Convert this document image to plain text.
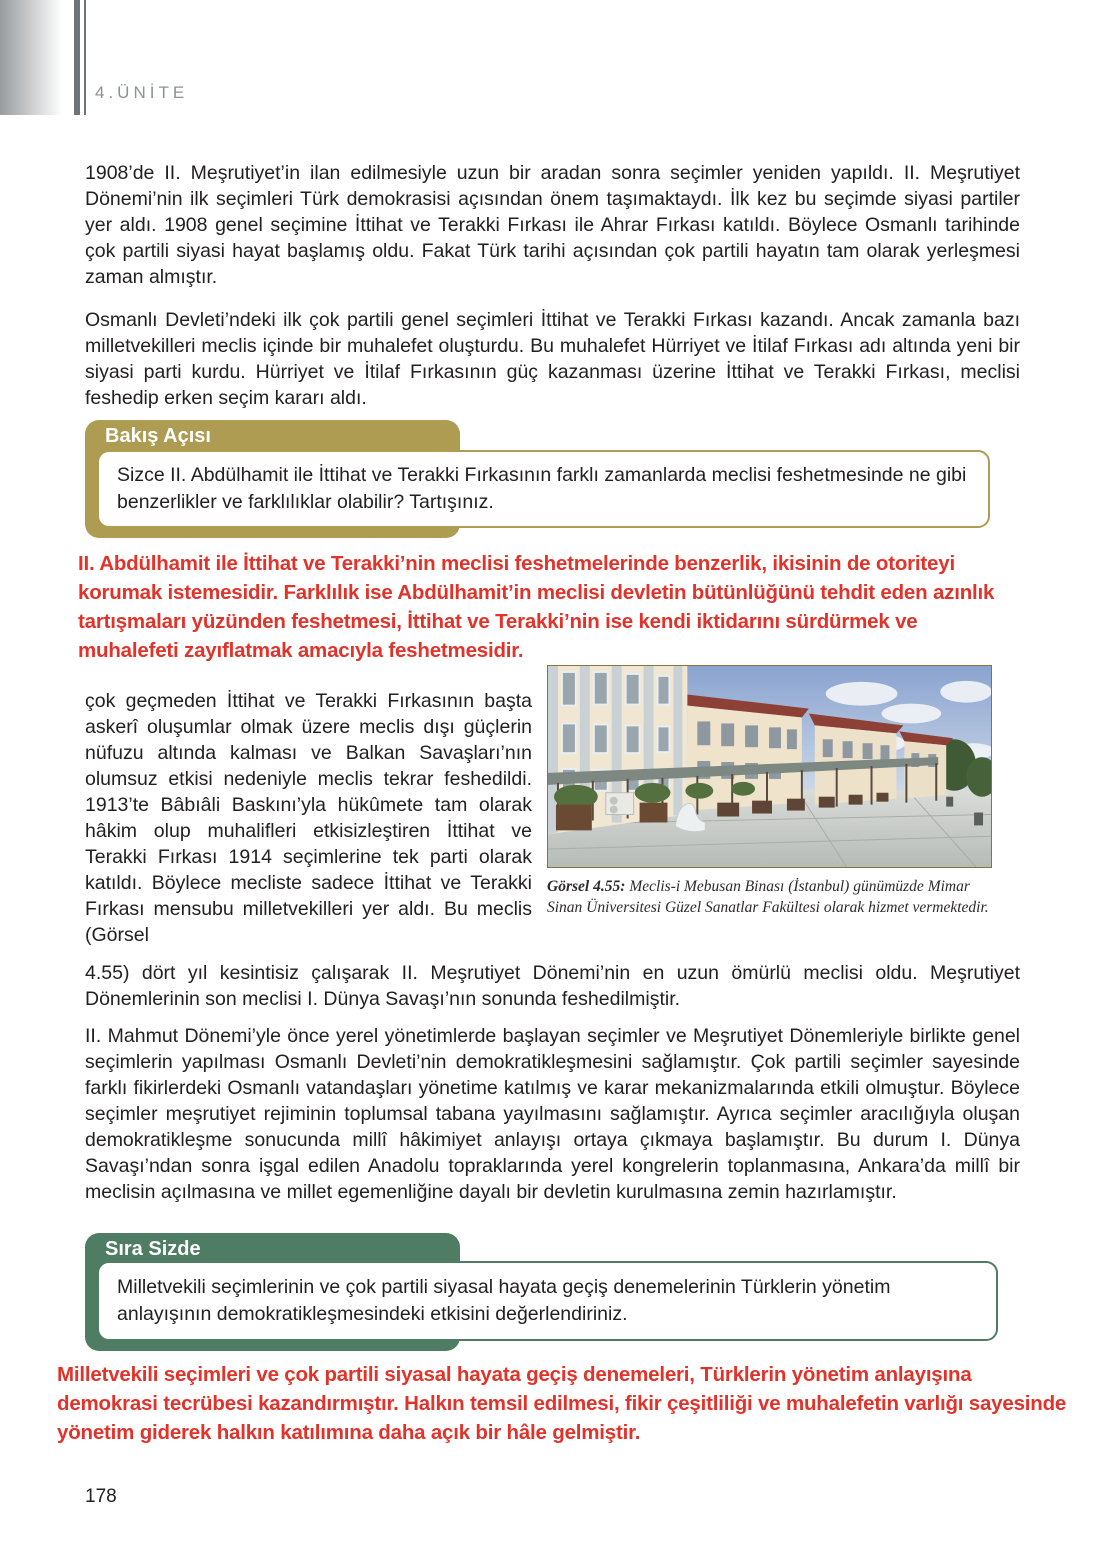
4.ÜNİTE

1908’de II. Meşrutiyet’in ilan edilmesiyle uzun bir aradan sonra seçimler yeniden yapıldı. II. Meşrutiyet Dönemi’nin ilk seçimleri Türk demokrasisi açısından önem taşımaktaydı. İlk kez bu seçimde siyasi partiler yer aldı. 1908 genel seçimine İttihat ve Terakki Fırkası ile Ahrar Fırkası katıldı. Böylece Osmanlı tarihinde çok partili siyasi hayat başlamış oldu. Fakat Türk tarihi açısından çok partili hayatın tam olarak yerleşmesi zaman almıştır.

Osmanlı Devleti’ndeki ilk çok partili genel seçimleri İttihat ve Terakki Fırkası kazandı. Ancak zamanla bazı milletvekilleri meclis içinde bir muhalefet oluşturdu. Bu muhalefet Hürriyet ve İtilaf Fırkası adı altında yeni bir siyasi parti kurdu. Hürriyet ve İtilaf Fırkasının güç kazanması üzerine İttihat ve Terakki Fırkası, meclisi feshedip erken seçim kararı aldı.

Bakış Açısı
Sizce II. Abdülhamit ile İttihat ve Terakki Fırkasının farklı zamanlarda meclisi feshetmesinde ne gibi benzerlikler ve farklılıklar olabilir? Tartışınız.
II. Abdülhamit ile İttihat ve Terakki’nin meclisi feshetmelerinde benzerlik, ikisinin de otoriteyi korumak istemesidir. Farklılık ise Abdülhamit’in meclisi devletin bütünlüğünü tehdit eden azınlık tartışmaları yüzünden feshetmesi, İttihat ve Terakki’nin ise kendi iktidarını sürdürmek ve muhalefeti zayıflatmak amacıyla feshetmesidir.

çok geçmeden İttihat ve Terakki Fırkasının başta askerî oluşumlar olmak üzere meclis dışı güçlerin nüfuzu altında kalması ve Balkan Savaşları’nın olumsuz etkisi nedeniyle meclis tekrar feshedildi. 1913’te Bâbıâli Baskını’yla hükûmete tam olarak hâkim olup muhalifleri etkisizleştiren İttihat ve Terakki Fırkası 1914 seçimlerine tek parti olarak katıldı. Böylece mecliste sadece İttihat ve Terakki Fırkası mensubu milletvekilleri yer aldı. Bu meclis (Görsel

Görsel 4.55: Meclis-i Mebusan Binası (İstanbul) günümüzde Mimar Sinan Üniversitesi Güzel Sanatlar Fakültesi olarak hizmet vermektedir.

4.55) dört yıl kesintisiz çalışarak II. Meşrutiyet Dönemi’nin en uzun ömürlü meclisi oldu. Meşrutiyet Dönemlerinin son meclisi I. Dünya Savaşı’nın sonunda feshedilmiştir.

II. Mahmut Dönemi’yle önce yerel yönetimlerde başlayan seçimler ve Meşrutiyet Dönemleriyle birlikte genel seçimlerin yapılması Osmanlı Devleti’nin demokratikleşmesini sağlamıştır. Çok partili seçimler sayesinde farklı fikirlerdeki Osmanlı vatandaşları yönetime katılmış ve karar mekanizmalarında etkili olmuştur. Böylece seçimler meşrutiyet rejiminin toplumsal tabana yayılmasını sağlamıştır. Ayrıca seçimler aracılığıyla oluşan demokratikleşme sonucunda millî hâkimiyet anlayışı ortaya çıkmaya başlamıştır. Bu durum I. Dünya Savaşı’ndan sonra işgal edilen Anadolu topraklarında yerel kongrelerin toplanmasına, Ankara’da millî bir meclisin açılmasına ve millet egemenliğine dayalı bir devletin kurulmasına zemin hazırlamıştır.

Sıra Sizde
Milletvekili seçimlerinin ve çok partili siyasal hayata geçiş denemelerinin Türklerin yönetim anlayışının demokratikleşmesindeki etkisini değerlendiriniz.
Milletvekili seçimleri ve çok partili siyasal hayata geçiş denemeleri, Türklerin yönetim anlayışına demokrasi tecrübesi kazandırmıştır. Halkın temsil edilmesi, fikir çeşitliliği ve muhalefetin varlığı sayesinde yönetim giderek halkın katılımına daha açık bir hâle gelmiştir.
178
